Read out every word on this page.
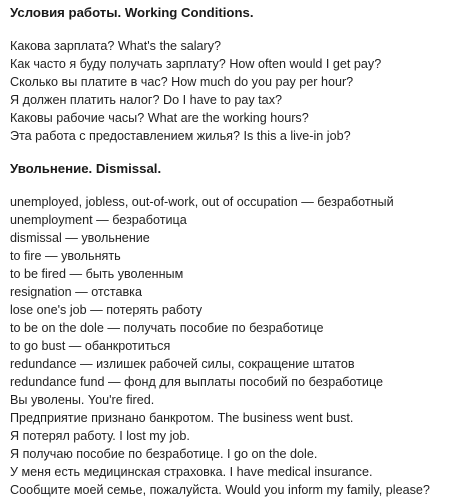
Условия работы. Working Conditions.
Какова зарплата? What's the salary?
Как часто я буду получать зарплату? How often would I get pay?
Сколько вы платите в час? How much do you pay per hour?
Я должен платить налог? Do I have to pay tax?
Каковы рабочие часы? What are the working hours?
Эта работа с предоставлением жилья? Is this a live-in job?
Увольнение. Dismissal.
unemployed, jobless, out-of-work, out of occupation — безработный
unemployment — безработица
dismissal — увольнение
to fire — увольнять
to be fired — быть уволенным
resignation — отставка
lose one's job — потерять работу
to be on the dole — получать пособие по безработице
to go bust — обанкротиться
redundance — излишек рабочей силы, сокращение штатов
redundance fund — фонд для выплаты пособий по безработице
Вы уволены. You're fired.
Предприятие признано банкротом. The business went bust.
Я потерял работу. I lost my job.
Я получаю пособие по безработице. I go on the dole.
У меня есть медицинская страховка. I have medical insurance.
Сообщите моей семье, пожалуйста. Would you inform my family, please?
